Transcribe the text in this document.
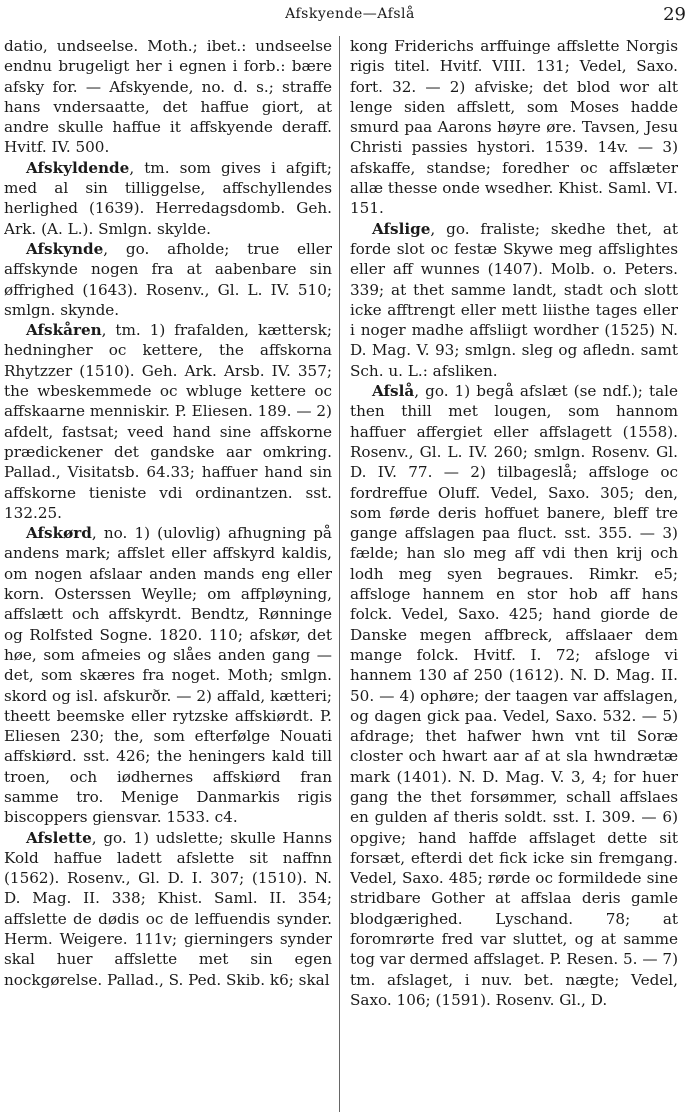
Afskyende—Afslå	29

datio, undseelse. Moth.; ibet.: undseelse endnu brugeligt her i egnen i forb.: bære afsky for. — Afskyende, no. d. s.; straffe hans vndersaatte, det haffue giort, at andre skulle haffue it affskyende deraff. Hvitf. IV. 500.

Afskyldende, tm. som gives i afgift; med al sin tilliggelse, affschyllendes herlighed (1639). Herredagsdomb. Geh. Ark. (A. L.). Smlgn. skylde.

Afskynde, go. afholde; true eller affskynde nogen fra at aabenbare sin øffrighed (1643). Rosenv., Gl. L. IV. 510; smlgn. skynde.

Afskåren, tm. 1) frafalden, kættersk; hedningher oc kettere, the affskorna Rhytzzer (1510). Geh. Ark. Arsb. IV. 357; the wbeskemmede oc wbluge kettere oc affskaarne menniskir. P. Eliesen. 189. — 2) afdelt, fastsat; veed hand sine affskorne prædickener det gandske aar omkring. Pallad., Visitatsb. 64.33; haffuer hand sin affskorne tieniste vdi ordinantzen. sst. 132.25.

Afskørd, no. 1) (ulovlig) afhugning på andens mark; affslet eller affskyrd kaldis, om nogen afslaar anden mands eng eller korn. Osterssen Weylle; om affpløyning, affslætt och affskyrdt. Bendtz, Rønninge og Rolfsted Sogne. 1820. 110; afskør, det høe, som afmeies og slåes anden gang — det, som skæres fra noget. Moth; smlgn. skord og isl. afskurðr. — 2) affald, kætteri; theett beemske eller rytzske affskiørdt. P. Eliesen 230; the, som efterfølge Nouati affskiørd. sst. 426; the heningers kald till troen, och iødhernes affskiørd fran samme tro. Menige Danmarkis rigis biscoppers giensvar. 1533. c4.

Afslette, go. 1) udslette; skulle Hanns Kold haffue ladett afslette sit naffnn (1562). Rosenv., Gl. D. I. 307; (1510). N. D. Mag. II. 338; Khist. Saml. II. 354; affslette de dødis oc de leffuendis synder. Herm. Weigere. 111v; gierningers synder skal huer affslette met sin egen nockgørelse. Pallad., S. Ped. Skib. k6; skal

kong Friderichs arffuinge affslette Norgis rigis titel. Hvitf. VIII. 131; Vedel, Saxo. fort. 32. — 2) afviske; det blod wor alt lenge siden affslett, som Moses hadde smurd paa Aarons høyre øre. Tavsen, Jesu Christi passies hystori. 1539. 14v. — 3) afskaffe, standse; foredher oc affslæter allæ thesse onde wsedher. Khist. Saml. VI. 151.

Afslige, go. fraliste; skedhe thet, at forde slot oc festæ Skywe meg affslightes eller aff wunnes (1407). Molb. o. Peters. 339; at thet samme landt, stadt och slott icke afftrengt eller mett liisthe tages eller i noger madhe affsliigt wordher (1525) N. D. Mag. V. 93; smlgn. sleg og afledn. samt Sch. u. L.: afsliken.

Afslå, go. 1) begå afslæt (se ndf.); tale then thill met lougen, som hannom haffuer affergiet eller affslagett (1558). Rosenv., Gl. L. IV. 260; smlgn. Rosenv. Gl. D. IV. 77. — 2) tilbageslå; affsloge oc fordreffue Oluff. Vedel, Saxo. 305; den, som førde deris hoffuet banere, bleff tre gange affslagen paa fluct. sst. 355. — 3) fælde; han slo meg aff vdi then krij och lodh meg syen begraues. Rimkr. e5; affsloge hannem en stor hob aff hans folck. Vedel, Saxo. 425; hand giorde de Danske megen affbreck, affslaaer dem mange folck. Hvitf. I. 72; afsloge vi hannem 130 af 250 (1612). N. D. Mag. II. 50. — 4) ophøre; der taagen var affslagen, og dagen gick paa. Vedel, Saxo. 532. — 5) afdrage; thet hafwer hwn vnt til Soræ closter och hwart aar af at sla hwndrætæ mark (1401). N. D. Mag. V. 3, 4; for huer gang the thet forsømmer, schall affslaes en gulden af theris soldt. sst. I. 309. — 6) opgive; hand haffde affslaget dette sit forsæt, efterdi det fick icke sin fremgang. Vedel, Saxo. 485; rørde oc formildede sine stridbare Gother at affslaa deris gamle blodgærighed. Lyschand. 78; at foromrørte fred var sluttet, og at samme tog var dermed affslaget. P. Resen. 5. — 7) tm. afslaget, i nuv. bet. nægte; Vedel, Saxo. 106; (1591). Rosenv. Gl., D.
